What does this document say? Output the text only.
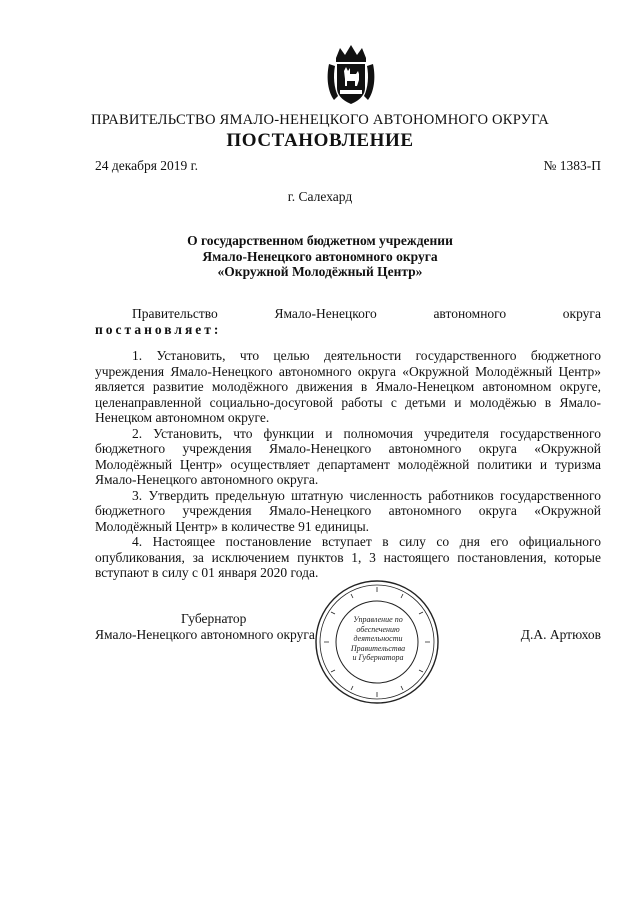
ПРАВИТЕЛЬСТВО ЯМАЛО-НЕНЕЦКОГО АВТОНОМНОГО ОКРУГА
ПОСТАНОВЛЕНИЕ
24 декабря 2019 г.	№ 1383-П
г. Салехард
О государственном бюджетном учреждении
Ямало-Ненецкого автономного округа
«Окружной Молодёжный Центр»
Правительство	Ямало-Ненецкого	автономного	округа
постановляет:

1. Установить, что целью деятельности государственного бюджетного учреждения Ямало-Ненецкого автономного округа «Окружной Молодёжный Центр» является развитие молодёжного движения в Ямало-Ненецком автономном округе, целенаправленной социально-досуговой работы с детьми и молодёжью в Ямало-Ненецком автономном округе.

2. Установить, что функции и полномочия учредителя государственного бюджетного учреждения Ямало-Ненецкого автономного округа «Окружной Молодёжный Центр» осуществляет департамент молодёжной политики и туризма Ямало-Ненецкого автономного округа.

3. Утвердить предельную штатную численность работников государственного бюджетного учреждения Ямало-Ненецкого автономного округа «Окружной Молодёжный Центр» в количестве 91 единицы.

4. Настоящее постановление вступает в силу со дня его официального опубликования, за исключением пунктов 1, 3 настоящего постановления, которые вступают в силу с 01 января 2020 года.

Управление по
обеспечению
деятельности
Правительства
и Губернатора
Губернатор
Ямало-Ненецкого автономного округа	Д.А. Артюхов
